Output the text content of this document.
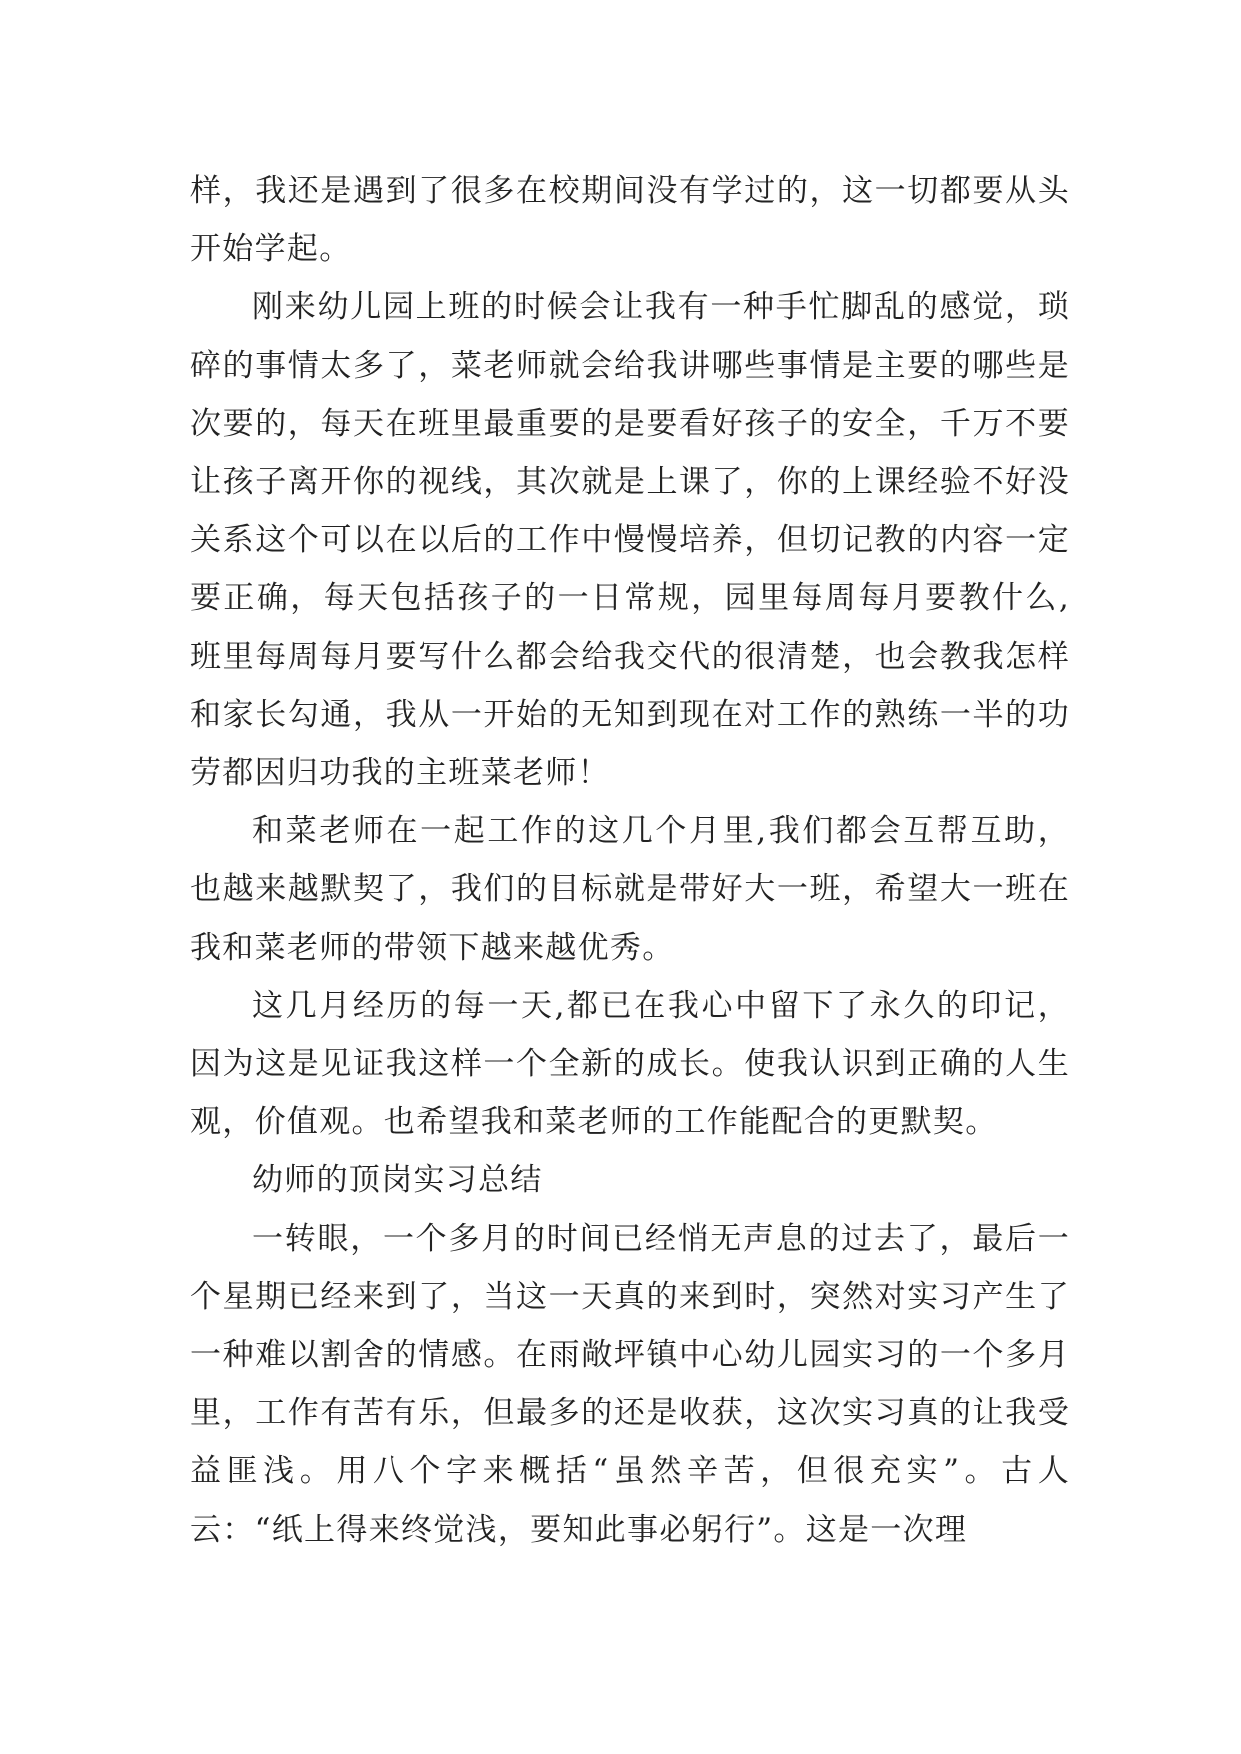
样，我还是遇到了很多在校期间没有学过的，这一切都要从头开始学起。

刚来幼儿园上班的时候会让我有一种手忙脚乱的感觉，琐碎的事情太多了，菜老师就会给我讲哪些事情是主要的哪些是次要的，每天在班里最重要的是要看好孩子的安全，千万不要让孩子离开你的视线，其次就是上课了，你的上课经验不好没关系这个可以在以后的工作中慢慢培养，但切记教的内容一定要正确，每天包括孩子的一日常规，园里每周每月要教什么,班里每周每月要写什么都会给我交代的很清楚，也会教我怎样和家长勾通，我从一开始的无知到现在对工作的熟练一半的功劳都因归功我的主班菜老师！

和菜老师在一起工作的这几个月里,我们都会互帮互助，也越来越默契了，我们的目标就是带好大一班，希望大一班在我和菜老师的带领下越来越优秀。

这几月经历的每一天,都已在我心中留下了永久的印记，因为这是见证我这样一个全新的成长。使我认识到正确的人生观，价值观。也希望我和菜老师的工作能配合的更默契。

幼师的顶岗实习总结

一转眼，一个多月的时间已经悄无声息的过去了，最后一个星期已经来到了，当这一天真的来到时，突然对实习产生了一种难以割舍的情感。在雨敞坪镇中心幼儿园实习的一个多月里，工作有苦有乐，但最多的还是收获，这次实习真的让我受益匪浅。用八个字来概括“虽然辛苦，但很充实”。古人云：“纸上得来终觉浅，要知此事必躬行”。这是一次理
